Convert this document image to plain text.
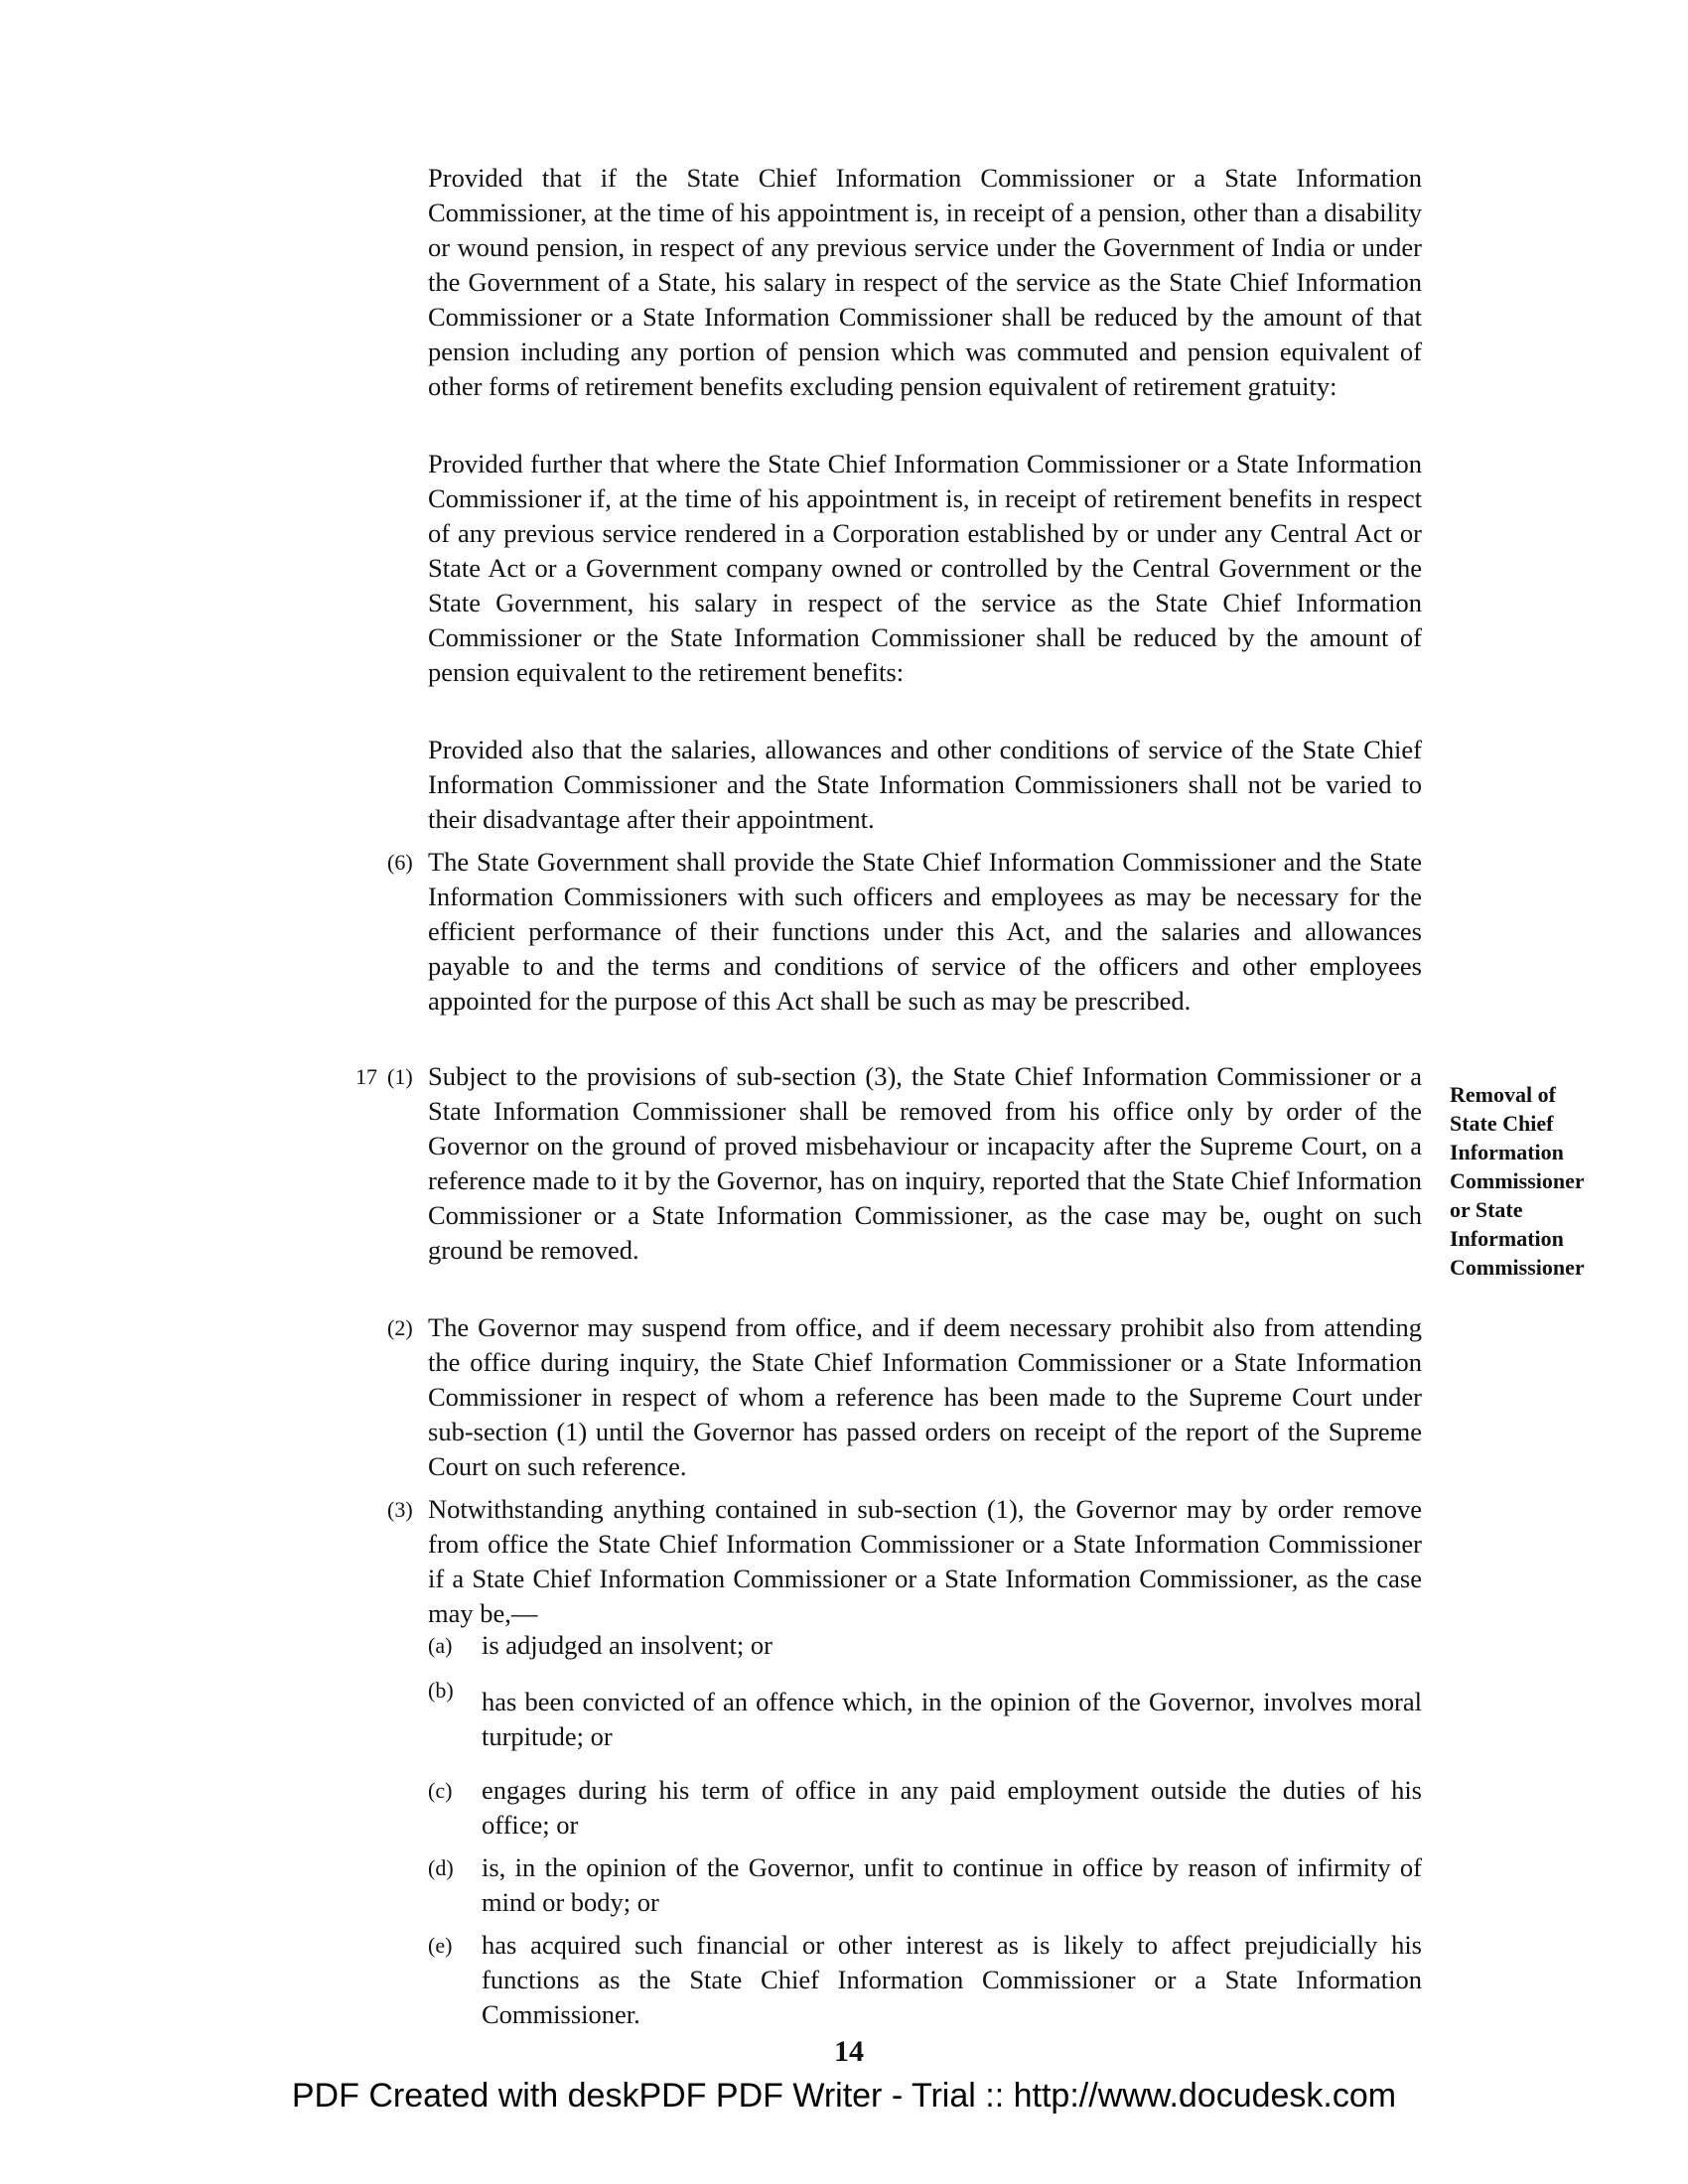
Provided that if the State Chief Information Commissioner or a State Information Commissioner, at the time of his appointment is, in receipt of a pension, other than a disability or wound pension, in respect of any previous service under the Government of India or under the Government of a State, his salary in respect of the service as the State Chief Information Commissioner or a State Information Commissioner shall be reduced by the amount of that pension including any portion of pension which was commuted and pension equivalent of other forms of retirement benefits excluding pension equivalent of retirement gratuity:

Provided further that where the State Chief Information Commissioner or a State Information Commissioner if, at the time of his appointment is, in receipt of retirement benefits in respect of any previous service rendered in a Corporation established by or under any Central Act or State Act or a Government company owned or controlled by the Central Government or the State Government, his salary in respect of the service as the State Chief Information Commissioner or the State Information Commissioner shall be reduced by the amount of pension equivalent to the retirement benefits:

Provided also that the salaries, allowances and other conditions of service of the State Chief Information Commissioner and the State Information Commissioners shall not be varied to their disadvantage after their appointment.

(6) The State Government shall provide the State Chief Information Commissioner and the State Information Commissioners with such officers and employees as may be necessary for the efficient performance of their functions under this Act, and the salaries and allowances payable to and the terms and conditions of service of the officers and other employees appointed for the purpose of this Act shall be such as may be prescribed.

17 (1) Subject to the provisions of sub-section (3), the State Chief Information Commissioner or a State Information Commissioner shall be removed from his office only by order of the Governor on the ground of proved misbehaviour or incapacity after the Supreme Court, on a reference made to it by the Governor, has on inquiry, reported that the State Chief Information Commissioner or a State Information Commissioner, as the case may be, ought on such ground be removed.

Removal of
State Chief
Information
Commissioner
or State
Information
Commissioner
(2) The Governor may suspend from office, and if deem necessary prohibit also from attending the office during inquiry, the State Chief Information Commissioner or a State Information Commissioner in respect of whom a reference has been made to the Supreme Court under sub-section (1) until the Governor has passed orders on receipt of the report of the Supreme Court on such reference.

(3) Notwithstanding anything contained in sub-section (1), the Governor may by order remove from office the State Chief Information Commissioner or a State Information Commissioner if a State Chief Information Commissioner or a State Information Commissioner, as the case may be,—

(a) is adjudged an insolvent; or

(b) has been convicted of an offence which, in the opinion of the Governor, involves moral turpitude; or

(c) engages during his term of office in any paid employment outside the duties of his office; or

(d) is, in the opinion of the Governor, unfit to continue in office by reason of infirmity of mind or body; or

(e) has acquired such financial or other interest as is likely to affect prejudicially his functions as the State Chief Information Commissioner or a State Information Commissioner.

14
PDF Created with deskPDF PDF Writer - Trial :: http://www.docudesk.com
